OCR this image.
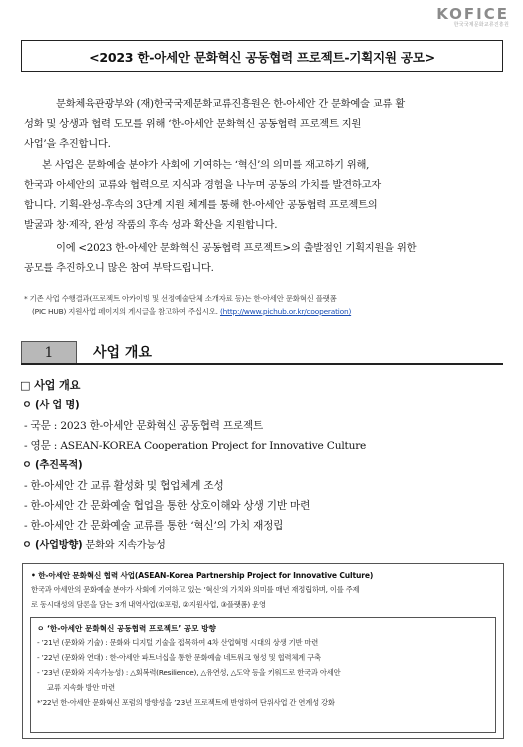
KOFICE
한국국제문화교류진흥원
<2023 한-아세안 문화혁신 공동협력 프로젝트-기획지원 공모>
문화체육관광부와 (재)한국국제문화교류진흥원은 한-아세안 간 문화예술 교류 활
성화 및 상생과 협력 도모를 위해 ‘한-아세안 문화혁신 공동협력 프로젝트 지원
사업’을 추진합니다.
본 사업은 문화예술 분야가 사회에 기여하는 ‘혁신’의 의미를 재고하기 위해,
한국과 아세안의 교류와 협력으로 지식과 경험을 나누며 공동의 가치를 발견하고자
합니다. 기획-완성-후속의 3단계 지원 체계를 통해 한-아세안 공동협력 프로젝트의
발굴과 창·제작, 완성 작품의 후속 성과 확산을 지원합니다.
이에 <2023 한-아세안 문화혁신 공동협력 프로젝트>의 출발점인 기획지원을 위한
공모를 추진하오니 많은 참여 부탁드립니다.
* 기존 사업 수행결과(프로젝트 아카이빙 및 선정예술단체 소개자료 등)는 한-아세안 문화혁신 플랫폼
(PIC HUB) 지원사업 페이지의 게시글을 참고하여 주십시오. (http://www.pichub.or.kr/cooperation)
1	사업 개요
□ 사업 개요
ㅇ (사 업 명)
- 국문 : 2023 한-아세안 문화혁신 공동협력 프로젝트
- 영문 : ASEAN-KOREA Cooperation Project for Innovative Culture
ㅇ (추진목적)
- 한-아세안 간 교류 활성화 및 협업체계 조성
- 한-아세안 간 문화예술 협업을 통한 상호이해와 상생 기반 마련
- 한-아세안 간 문화예술 교류를 통한 ‘혁신’의 가치 재정립
ㅇ (사업방향) 문화와 지속가능성
• 한-아세안 문화혁신 협력 사업(ASEAN-Korea Partnership Project for Innovative Culture)
한국과 아세안의 문화예술 분야가 사회에 기여하고 있는 ‘혁신’의 가치와 의미를 매년 재정립하며, 이를 주제
로 동시대성의 담론을 담는 3개 내역사업(①포럼, ②지원사업, ③플랫폼) 운영
ㅇ ‘한-아세안 문화혁신 공동협력 프로젝트’ 공모 방향
- ’21년 (문화와 기술) : 문화와 디지털 기술을 접목하여 4차 산업혁명 시대의 상생 기반 마련
- ’22년 (문화와 연대) : 한-아세안 파트너십을 통한 문화예술 네트워크 형성 및 협력체계 구축
- ’23년 (문화와 지속가능성) : △회복력(Resilience), △유연성, △도약 등을 키워드로 한국과 아세안
교류 지속화 방안 마련
*’22년 한-아세안 문화혁신 포럼의 방향성을 ’23년 프로젝트에 반영하여 단위사업 간 연계성 강화
